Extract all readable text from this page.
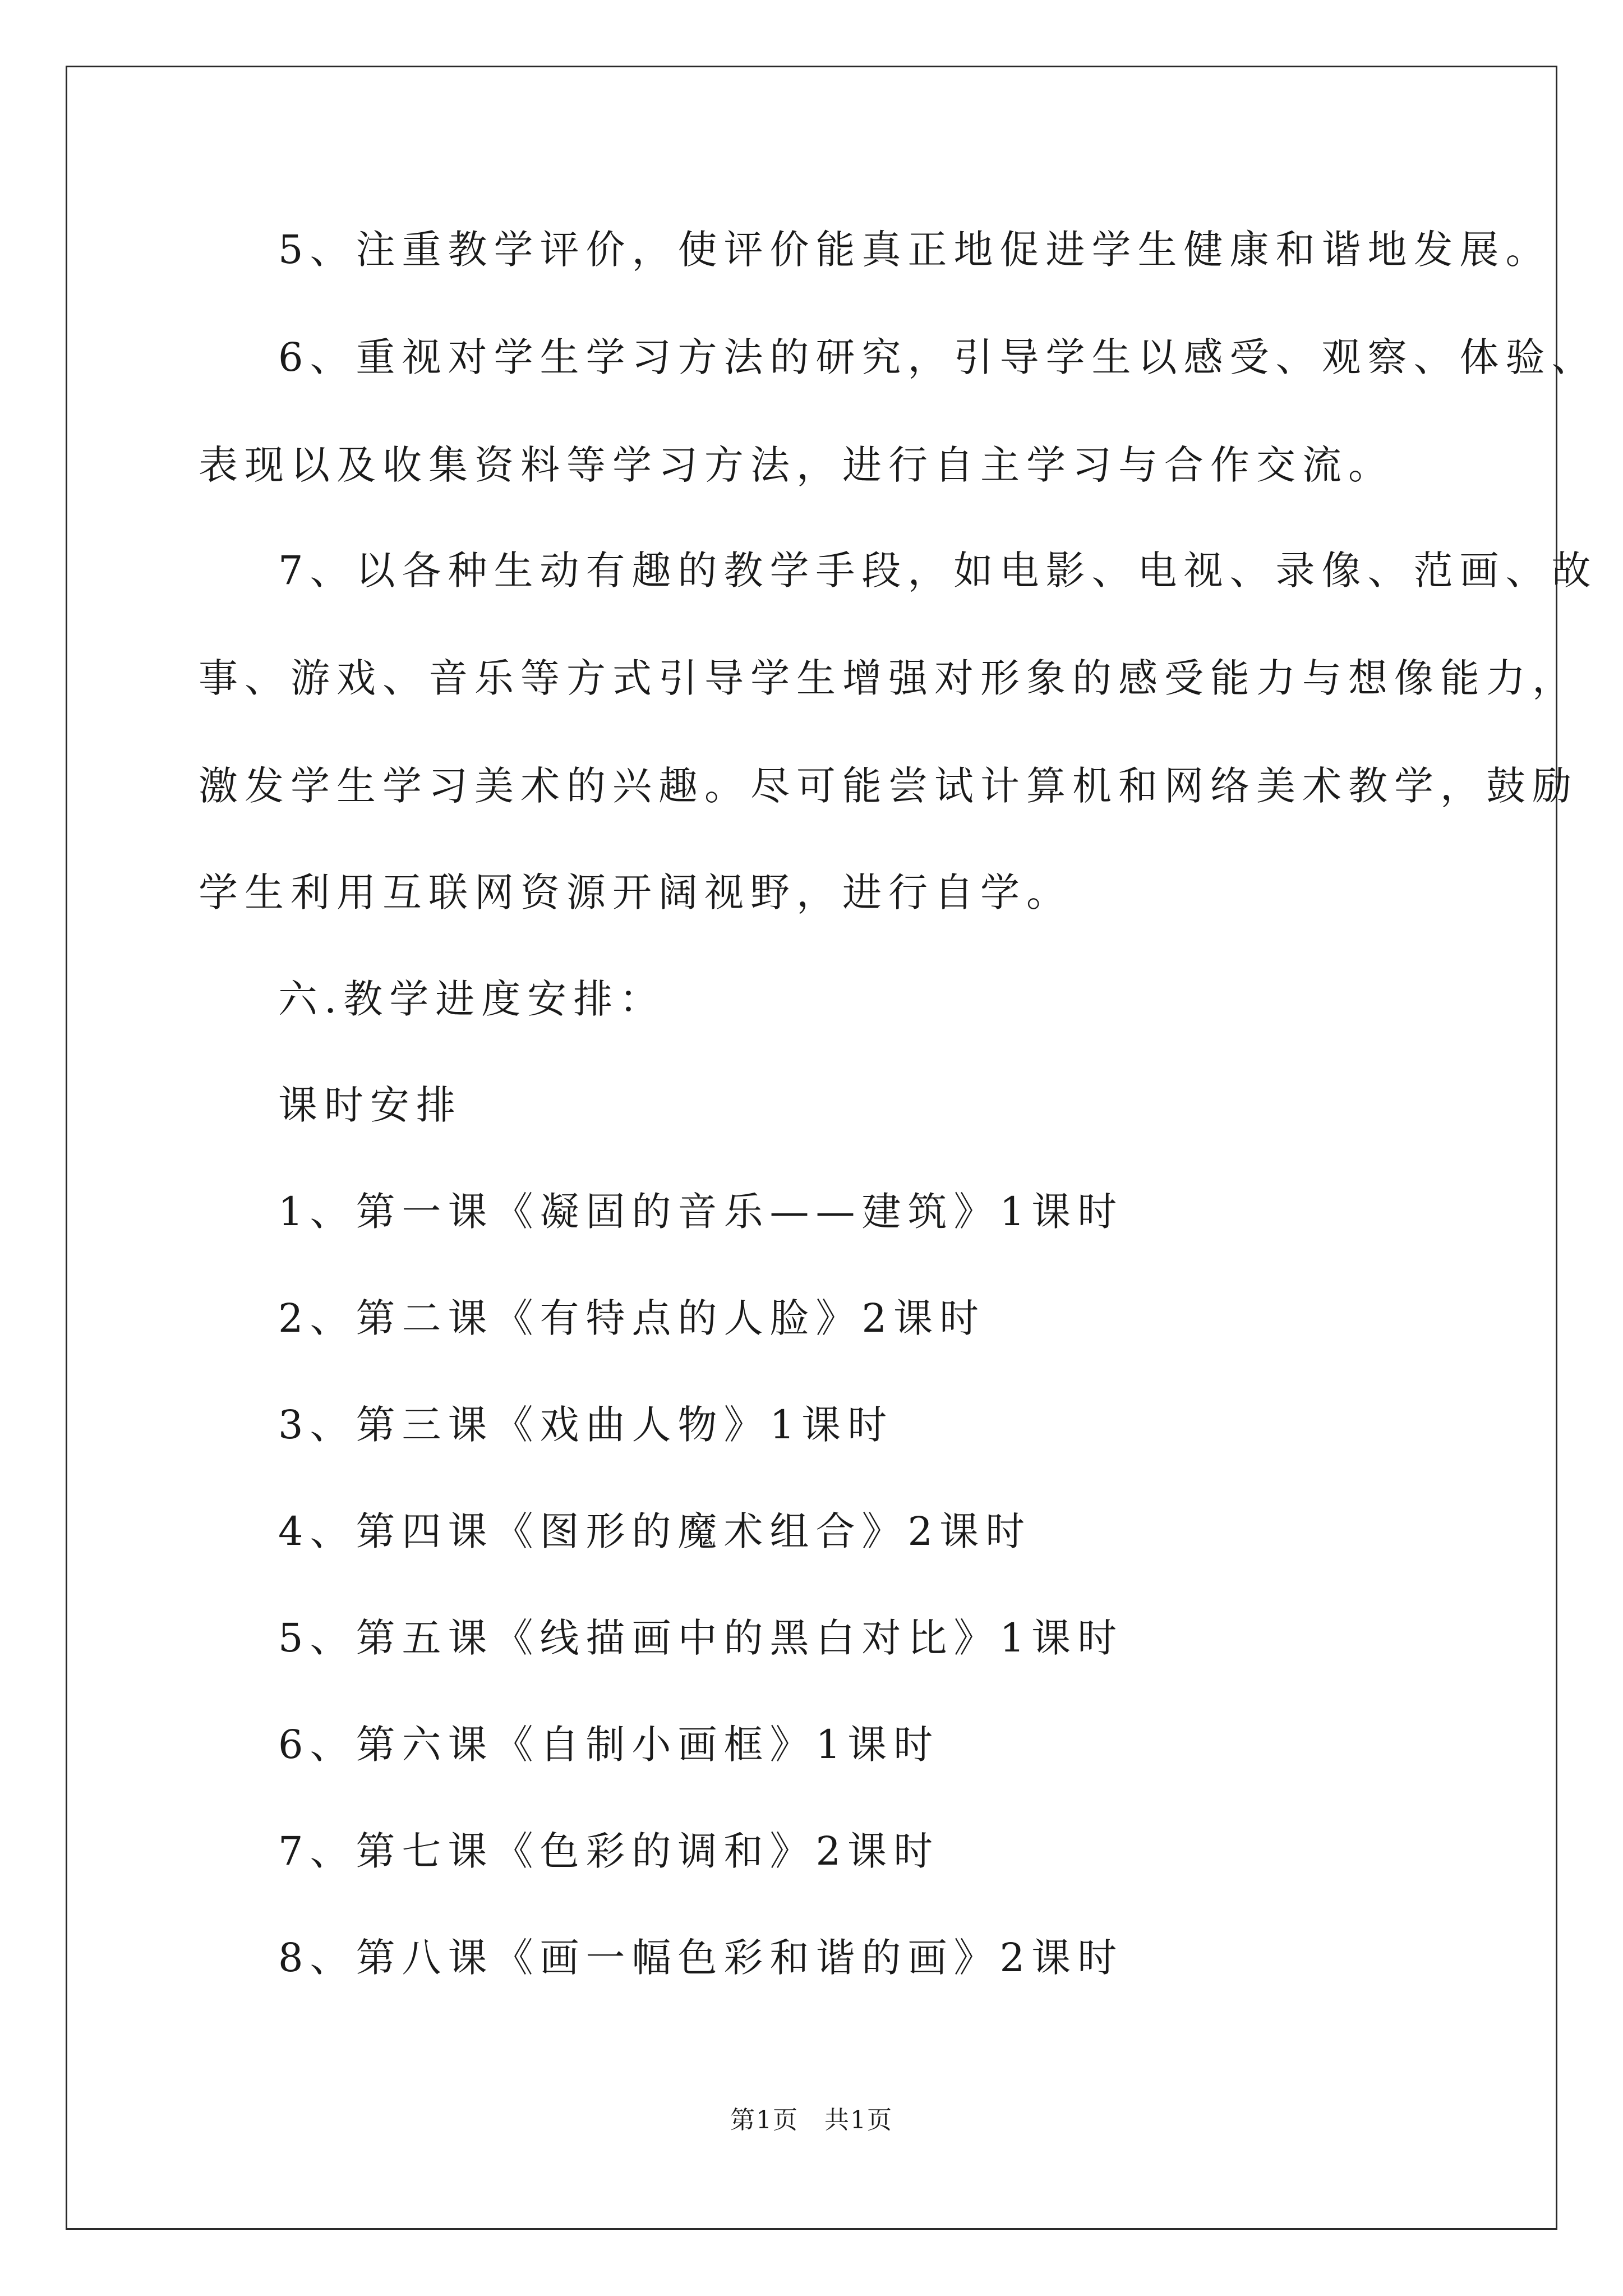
5、注重教学评价，使评价能真正地促进学生健康和谐地发展。
6、重视对学生学习方法的研究，引导学生以感受、观察、体验、
表现以及收集资料等学习方法，进行自主学习与合作交流。
7、以各种生动有趣的教学手段，如电影、电视、录像、范画、故
事、游戏、音乐等方式引导学生增强对形象的感受能力与想像能力，
激发学生学习美术的兴趣。尽可能尝试计算机和网络美术教学，鼓励
学生利用互联网资源开阔视野，进行自学。
六.教学进度安排：
课时安排
1、第一课《凝固的音乐——建筑》1课时
2、第二课《有特点的人脸》2课时
3、第三课《戏曲人物》1课时
4、第四课《图形的魔术组合》2课时
5、第五课《线描画中的黑白对比》1课时
6、第六课《自制小画框》1课时
7、第七课《色彩的调和》2课时
8、第八课《画一幅色彩和谐的画》2课时
第1页　共1页
